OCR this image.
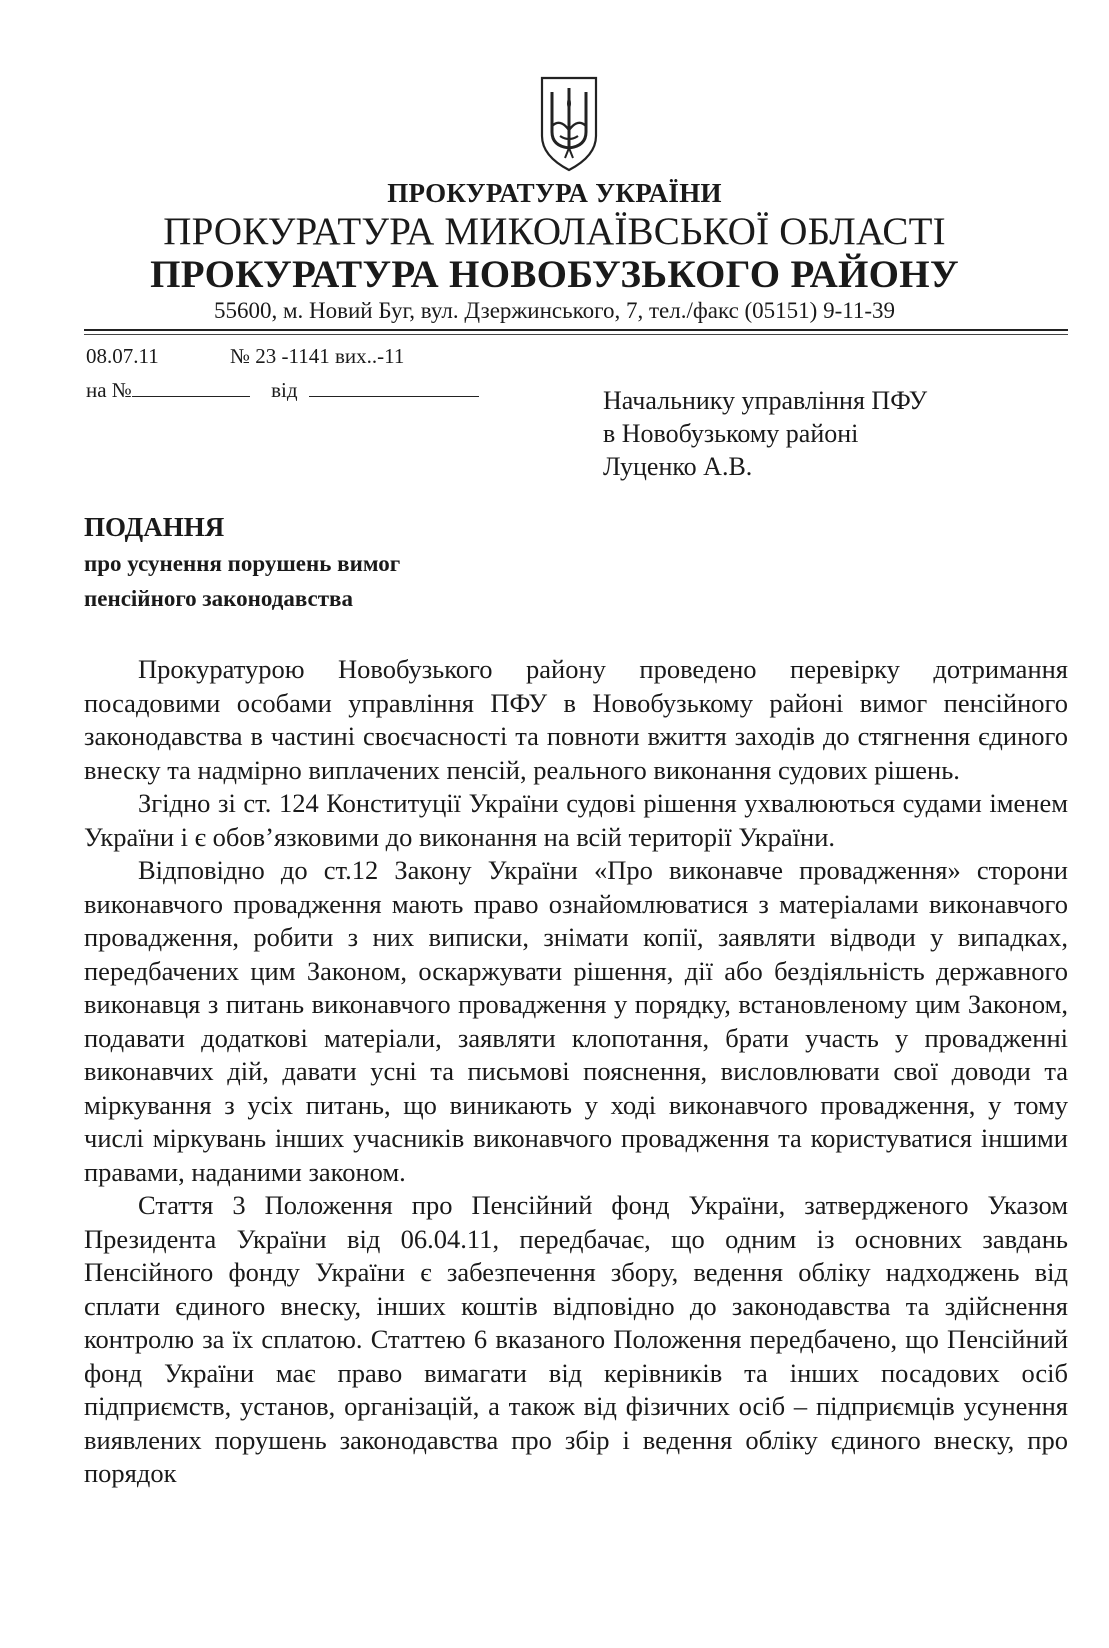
ПРОКУРАТУРА УКРАЇНИ
ПРОКУРАТУРА МИКОЛАЇВСЬКОЇ ОБЛАСТІ
ПРОКУРАТУРА НОВОБУЗЬКОГО РАЙОНУ
55600, м. Новий Буг, вул. Дзержинського, 7, тел./факс (05151) 9-11-39
08.07.11	№ 23 -1141 вих..-11
на №	від	Начальнику управління ПФУ
в Новобузькому районі
Луценко А.В.
ПОДАННЯ
про усунення порушень вимог
пенсійного законодавства

Прокуратурою Новобузького району проведено перевірку дотримання посадовими особами управління ПФУ в Новобузькому районі вимог пенсійного законодавства в частині своєчасності та повноти вжиття заходів до стягнення єдиного внеску та надмірно виплачених пенсій, реального виконання судових рішень.

Згідно зі ст. 124 Конституції України судові рішення ухвалюються судами іменем України і є обов’язковими до виконання на всій території України.

Відповідно до ст.12 Закону України «Про виконавче провадження» сторони виконавчого провадження мають право ознайомлюватися з матеріалами виконавчого провадження, робити з них виписки, знімати копії, заявляти відводи у випадках, передбачених цим Законом, оскаржувати рішення, дії або бездіяльність державного виконавця з питань виконавчого провадження у порядку, встановленому цим Законом, подавати додаткові матеріали, заявляти клопотання, брати участь у провадженні виконавчих дій, давати усні та письмові пояснення, висловлювати свої доводи та міркування з усіх питань, що виникають у ході виконавчого провадження, у тому числі міркувань інших учасників виконавчого провадження та користуватися іншими правами, наданими законом.

Стаття 3 Положення про Пенсійний фонд України, затвердженого Указом Президента України від 06.04.11, передбачає, що одним із основних завдань Пенсійного фонду України є забезпечення збору, ведення обліку надходжень від сплати єдиного внеску, інших коштів відповідно до законодавства та здійснення контролю за їх сплатою. Статтею 6 вказаного Положення передбачено, що Пенсійний фонд України має право вимагати від керівників та інших посадових осіб підприємств, установ, організацій, а також від фізичних осіб – підприємців усунення виявлених порушень законодавства про збір і ведення обліку єдиного внеску, про порядок
